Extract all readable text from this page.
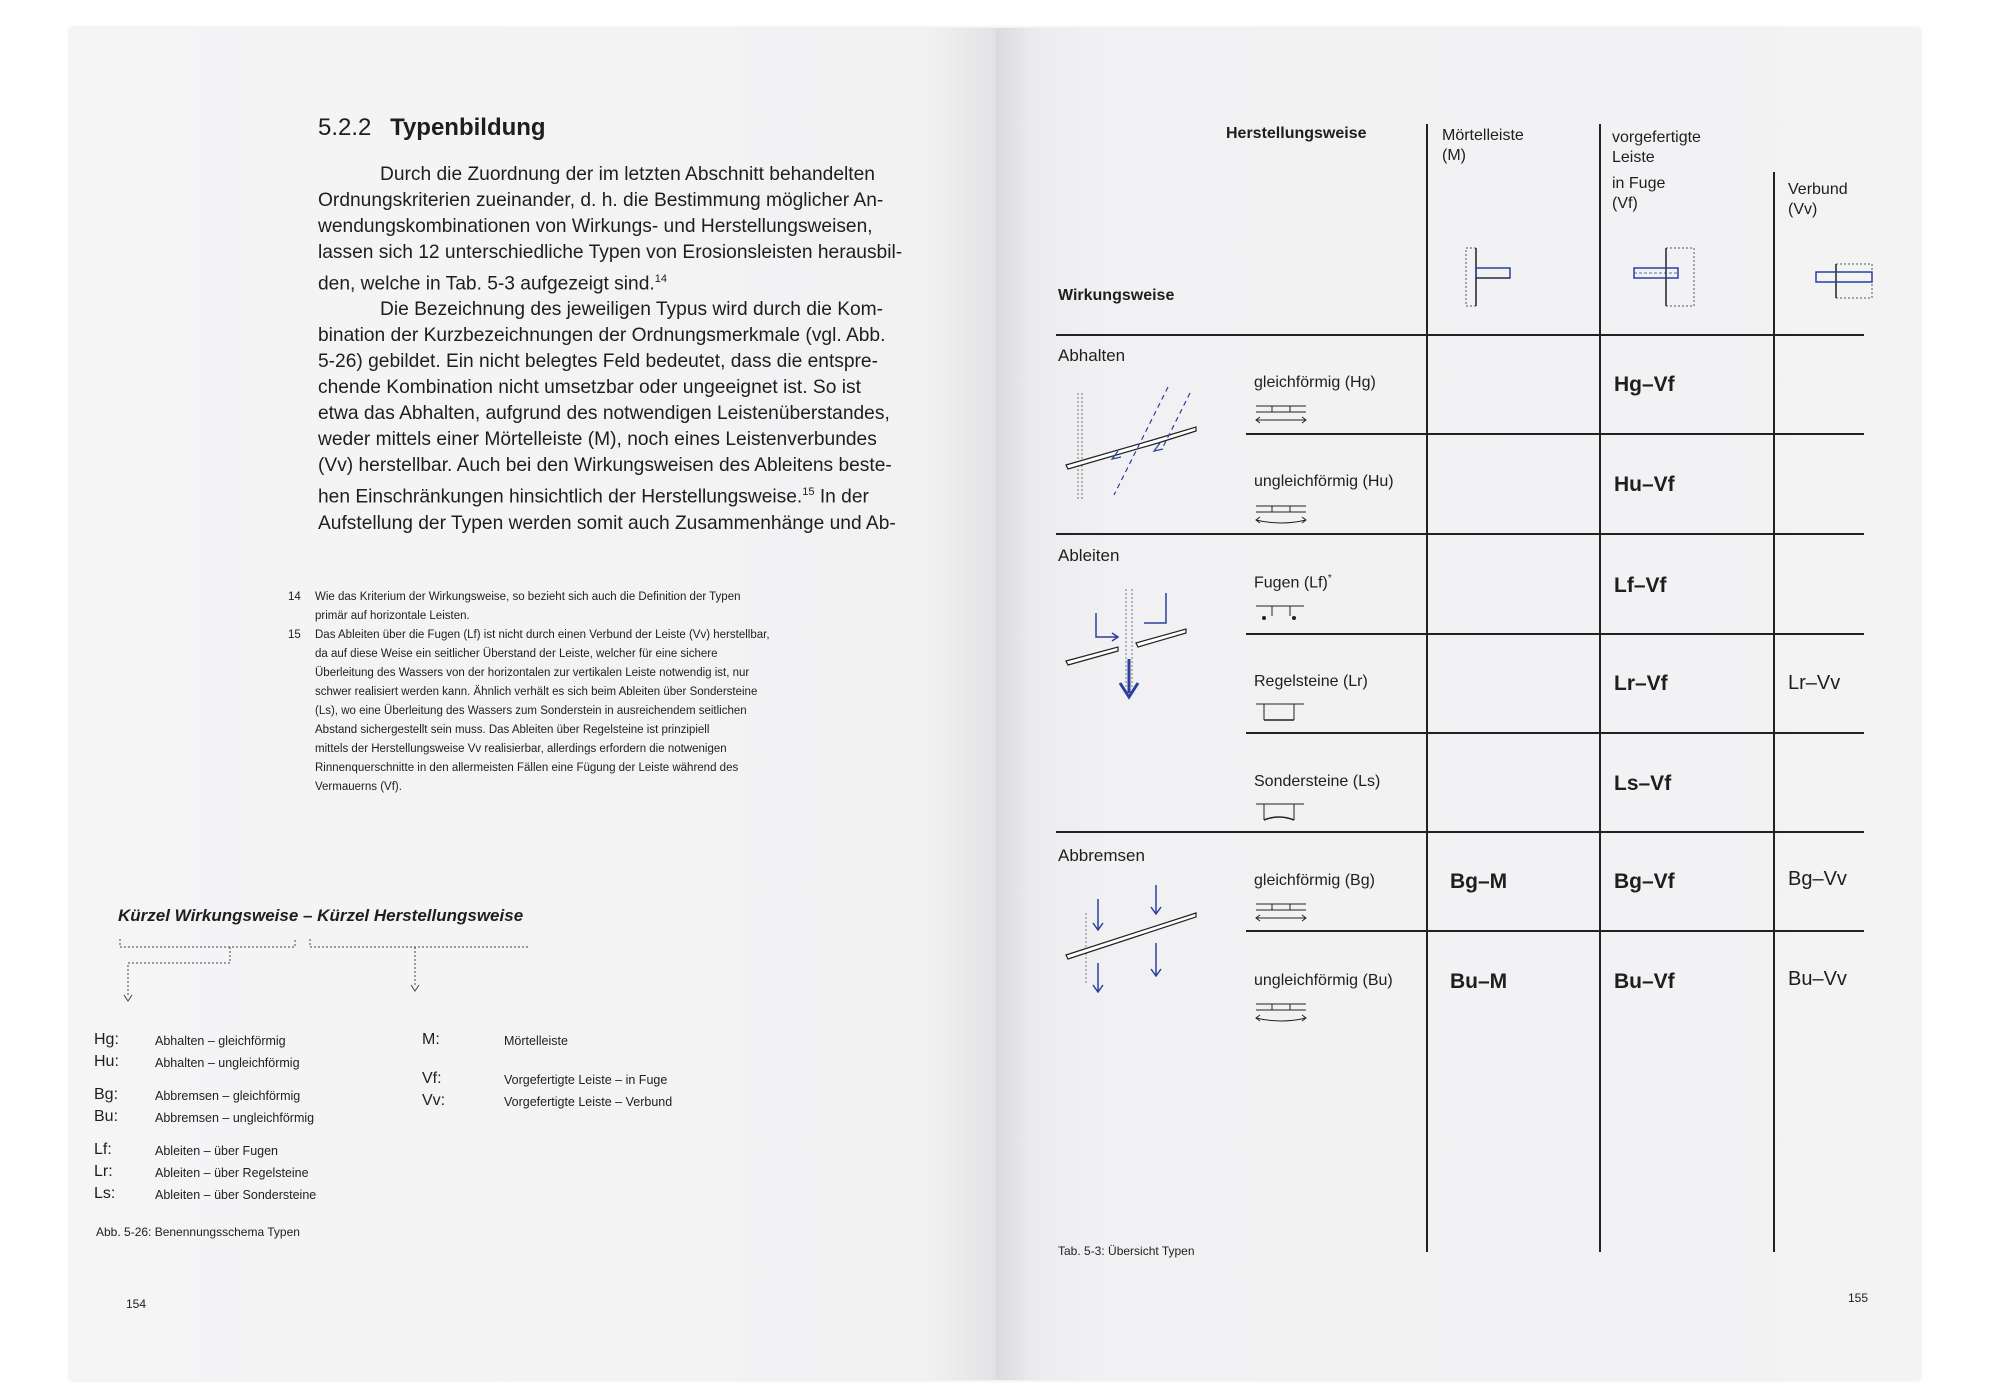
5.2.2 Typenbildung
Durch die Zuordnung der im letzten Abschnitt behandelten
Ordnungskriterien zueinander, d. h. die Bestimmung möglicher An-
wendungskombinationen von Wirkungs- und Herstellungsweisen,
lassen sich 12 unterschiedliche Typen von Erosionsleisten herausbil-
den, welche in Tab. 5-3 aufgezeigt sind.$^{14}$
Die Bezeichnung des jeweiligen Typus wird durch die Kom-
bination der Kurzbezeichnungen der Ordnungsmerkmale (vgl. Abb.
5-26) gebildet. Ein nicht belegtes Feld bedeutet, dass die entspre-
chende Kombination nicht umsetzbar oder ungeeignet ist. So ist
etwa das Abhalten, aufgrund des notwendigen Leistenüberstandes,
weder mittels einer Mörtelleiste (M), noch eines Leistenverbundes
(Vv) herstellbar. Auch bei den Wirkungsweisen des Ableitens beste-
hen Einschränkungen hinsichtlich der Herstellungsweise.$^{15}$ In der
Aufstellung der Typen werden somit auch Zusammenhänge und Ab-
14 Wie das Kriterium der Wirkungsweise, so bezieht sich auch die Definition der Typen
primär auf horizontale Leisten.
15 Das Ableiten über die Fugen (Lf) ist nicht durch einen Verbund der Leiste (Vv) herstellbar,
da auf diese Weise ein seitlicher Überstand der Leiste, welcher für eine sichere
Überleitung des Wassers von der horizontalen zur vertikalen Leiste notwendig ist, nur
schwer realisiert werden kann. Ähnlich verhält es sich beim Ableiten über Sondersteine
(Ls), wo eine Überleitung des Wassers zum Sonderstein in ausreichendem seitlichen
Abstand sichergestellt sein muss. Das Ableiten über Regelsteine ist prinzipiell
mittels der Herstellungsweise Vv realisierbar, allerdings erfordern die notwenigen
Rinnenquerschnitte in den allermeisten Fällen eine Fügung der Leiste während des
Vermauerns (Vf).
Kürzel Wirkungsweise – Kürzel Herstellungsweise
Hg:	Abhalten – gleichförmig
Hu:	Abhalten – ungleichförmig
Bg:	Abbremsen – gleichförmig
Bu:	Abbremsen – ungleichförmig
Lf:	Ableiten – über Fugen
Lr:	Ableiten – über Regelsteine
Ls:	Ableiten – über Sondersteine
M:	Mörtelleiste
Vf:	Vorgefertigte Leiste – in Fuge
Vv:	Vorgefertigte Leiste – Verbund
Abb. 5-26: Benennungsschema Typen
154
Herstellungsweise
Wirkungsweise
Mörtelleiste
(M)
vorgefertigte
Leiste
in Fuge
(Vf)
Verbund
(Vv)
Abhalten
Ableiten
Abbremsen
gleichförmig (Hg)	Hg–Vf
ungleichförmig (Hu)	Hu–Vf
Fugen (Lf)*	Lf–Vf
Regelsteine (Lr)	Lr–Vf	Lr–Vv
Sondersteine (Ls)	Ls–Vf
gleichförmig (Bg)	Bg–M	Bg–Vf	Bg–Vv
ungleichförmig (Bu)	Bu–M	Bu–Vf	Bu–Vv
Tab. 5-3: Übersicht Typen
155
